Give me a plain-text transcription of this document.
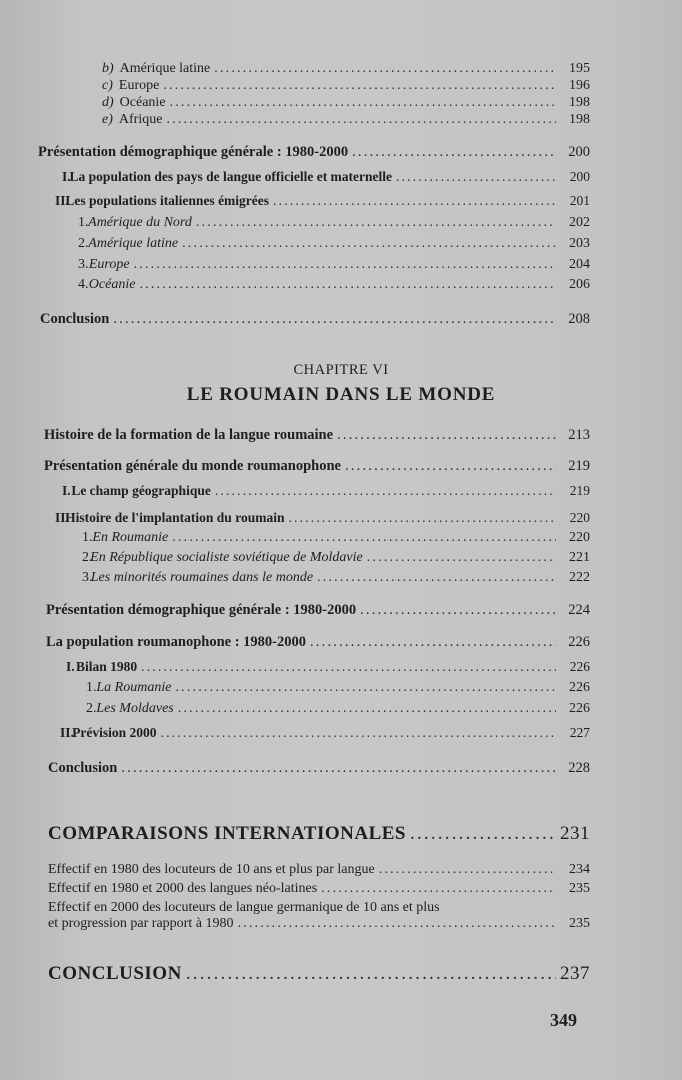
b) Amérique latine .....	195
c) Europe .....	196
d) Océanie .....	198
e) Afrique .....	198
Présentation démographique générale : 1980-2000 .....	200
I.
La population des pays de langue officielle et maternelle .....	200
II.
Les populations italiennes émigrées .....	201
1. Amérique du Nord .....	202
2. Amérique latine .....	203
3. Europe .....	204
4. Océanie .....	206
Conclusion .....	208
CHAPITRE VI
LE ROUMAIN DANS LE MONDE
Histoire de la formation de la langue roumaine .....	213
Présentation générale du monde roumanophone .....	219
I. Le champ géographique .....	219
II.
Histoire de l'implantation du roumain .....	220
1. En Roumanie .....	220
2.
En République socialiste soviétique de Moldavie .....	221
3.
Les minorités roumaines dans le monde .....	222
Présentation démographique générale : 1980-2000 .....	224
La population roumanophone : 1980-2000 .....	226
I. Bilan 1980 .....	226
1. La Roumanie .....	226
2. Les Moldaves .....	226
II.
Prévision 2000 .....	227
Conclusion .....	228
COMPARAISONS INTERNATIONALES .....	231
Effectif en 1980 des locuteurs de 10 ans et plus par langue .....	234
Effectif en 1980 et 2000 des langues néo-latines .....	235
Effectif en 2000 des locuteurs de langue germanique de 10 ans et plus
et progression par rapport à 1980 .....	235
CONCLUSION .....	237
349
